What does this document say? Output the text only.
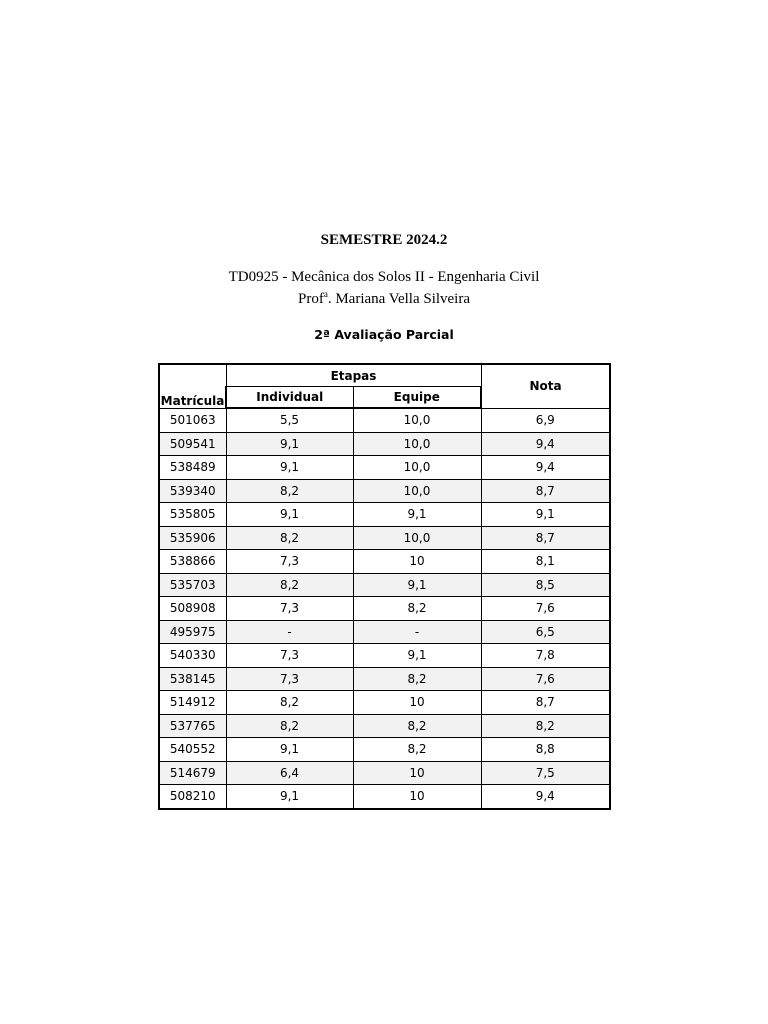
SEMESTRE 2024.2
TD0925 - Mecânica dos Solos II - Engenharia Civil
Prof$^a$. Mariana Vella Silveira
2ª Avaliação Parcial
Matrícula	Etapas		Nota
	Individual	Equipe	
501063	5,5	10,0	6,9
509541	9,1	10,0	9,4
538489	9,1	10,0	9,4
539340	8,2	10,0	8,7
535805	9,1	9,1	9,1
535906	8,2	10,0	8,7
538866	7,3	10	8,1
535703	8,2	9,1	8,5
508908	7,3	8,2	7,6
495975	-	-	6,5
540330	7,3	9,1	7,8
538145	7,3	8,2	7,6
514912	8,2	10	8,7
537765	8,2	8,2	8,2
540552	9,1	8,2	8,8
514679	6,4	10	7,5
508210	9,1	10	9,4
